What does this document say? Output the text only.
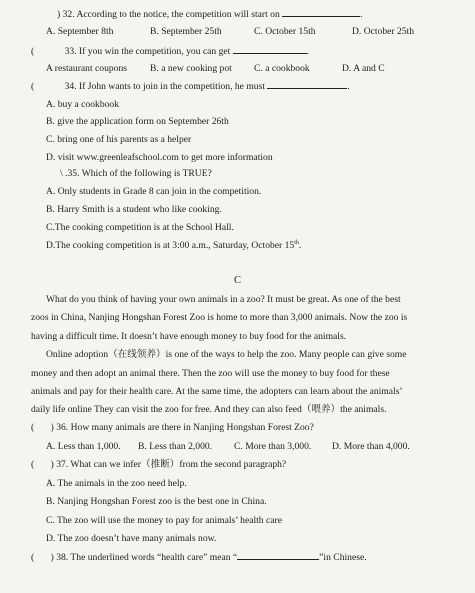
) 32. According to the notice, the competition will start on	.
A. September 8th	B. September 25th	C. October 15th	D. October 25th
(	33. If you win the competition, you can get	.
A restaurant coupons B. a new cooking pot C. a cookbook	D. A and C
(	34. If John wants to join in the competition, he must	.
A. buy a cookbook
B. give the application form on September 26th
C. bring one of his parents as a helper
D. visit www.greenleafschool.com to get more information
\ .35. Which of the following is TRUE?
A. Only students in Grade 8 can join in the competition.
B. Harry Smith is a student who like cooking.
C.The cooking competition is at the School Hall.
D.The cooking competition is at 3:00 a.m., Saturday, October 15th.
C
What do you think of having your own animals in a zoo? It must be great. As one of the best
zoos in China, Nanjing Hongshan Forest Zoo is home to more than 3,000 animals. Now the zoo is
having a difficult time. It doesn’t have enough money to buy food for the animals.
Online adoption（在线领养）is one of the ways to help the zoo. Many people can give some
money and then adopt an animal there. Then the zoo will use the money to buy food for these
animals and pay for their health care. At the same time, the adopters can learn about the animals’
daily life online They can visit the zoo for free. And they can also feed（喂养）the animals.
( ) 36. How many animals are there in Nanjing Hongshan Forest Zoo?
A. Less than 1,000. B. Less than 2,000. C. More than 3,000. D. More than 4,000.
( ) 37. What can we infer（推断）from the second paragraph?
A. The animals in the zoo need help.
B. Nanjing Hongshan Forest zoo is the best one in China.
C. The zoo will use the money to pay for animals’ health care
D. The zoo doesn’t have many animals now.
( ) 38. The underlined words “health care” mean “	”in Chinese.
